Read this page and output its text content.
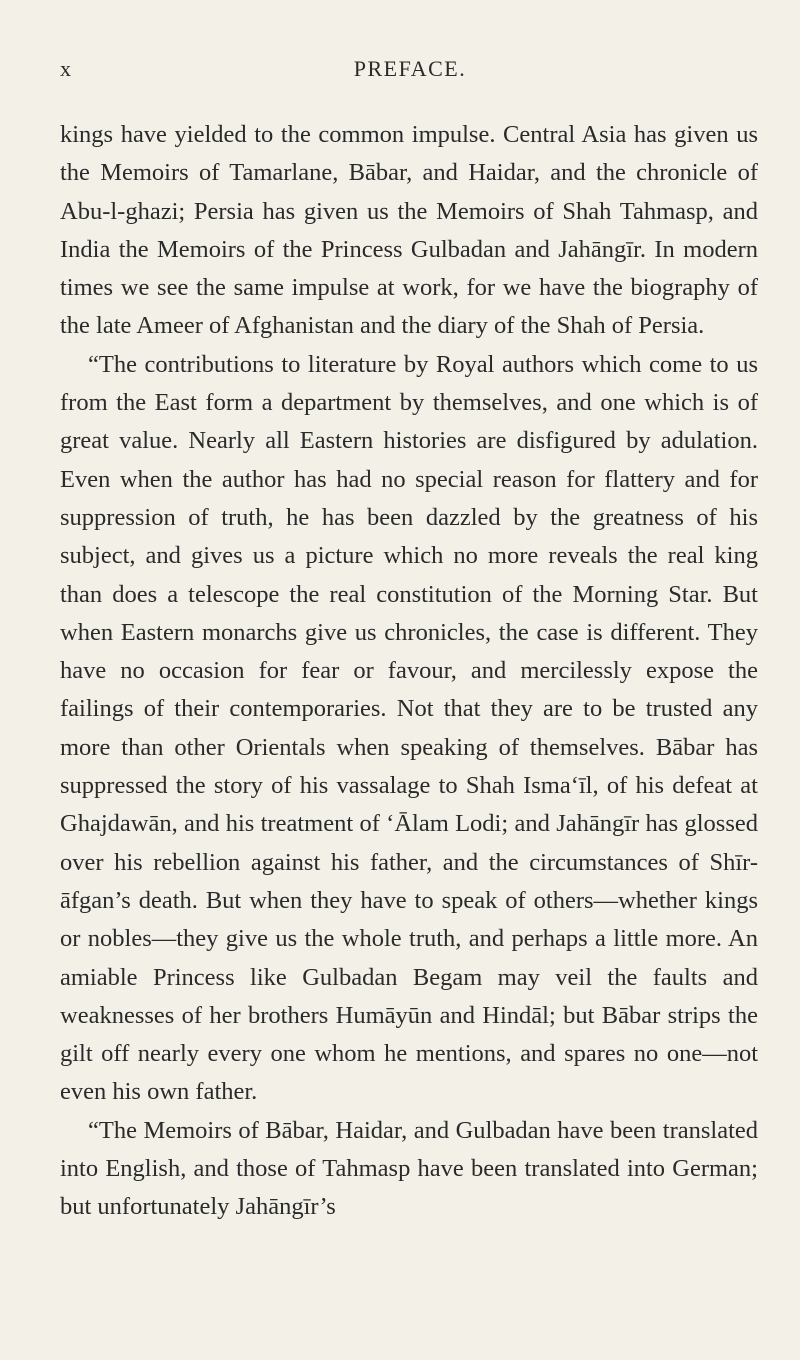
x	PREFACE.

kings have yielded to the common impulse. Central Asia has given us the Memoirs of Tamarlane, Bābar, and Haidar, and the chronicle of Abu-l-ghazi; Persia has given us the Memoirs of Shah Tahmasp, and India the Memoirs of the Princess Gulbadan and Jahāngīr. In modern times we see the same impulse at work, for we have the biography of the late Ameer of Afghanistan and the diary of the Shah of Persia.

“The contributions to literature by Royal authors which come to us from the East form a department by themselves, and one which is of great value. Nearly all Eastern histories are disfigured by adulation. Even when the author has had no special reason for flattery and for suppression of truth, he has been dazzled by the greatness of his subject, and gives us a picture which no more reveals the real king than does a telescope the real constitution of the Morning Star. But when Eastern monarchs give us chronicles, the case is different. They have no occasion for fear or favour, and mercilessly expose the failings of their contemporaries. Not that they are to be trusted any more than other Orientals when speaking of themselves. Bābar has suppressed the story of his vassalage to Shah Isma‘īl, of his defeat at Ghajdawān, and his treatment of ‘Ālam Lodi; and Jahāngīr has glossed over his rebellion against his father, and the circumstances of Shīr-āfgan’s death. But when they have to speak of others—whether kings or nobles—they give us the whole truth, and perhaps a little more. An amiable Princess like Gulbadan Begam may veil the faults and weaknesses of her brothers Humāyūn and Hindāl; but Bābar strips the gilt off nearly every one whom he mentions, and spares no one—not even his own father.

“The Memoirs of Bābar, Haidar, and Gulbadan have been translated into English, and those of Tahmasp have been translated into German; but unfortunately Jahāngīr’s
